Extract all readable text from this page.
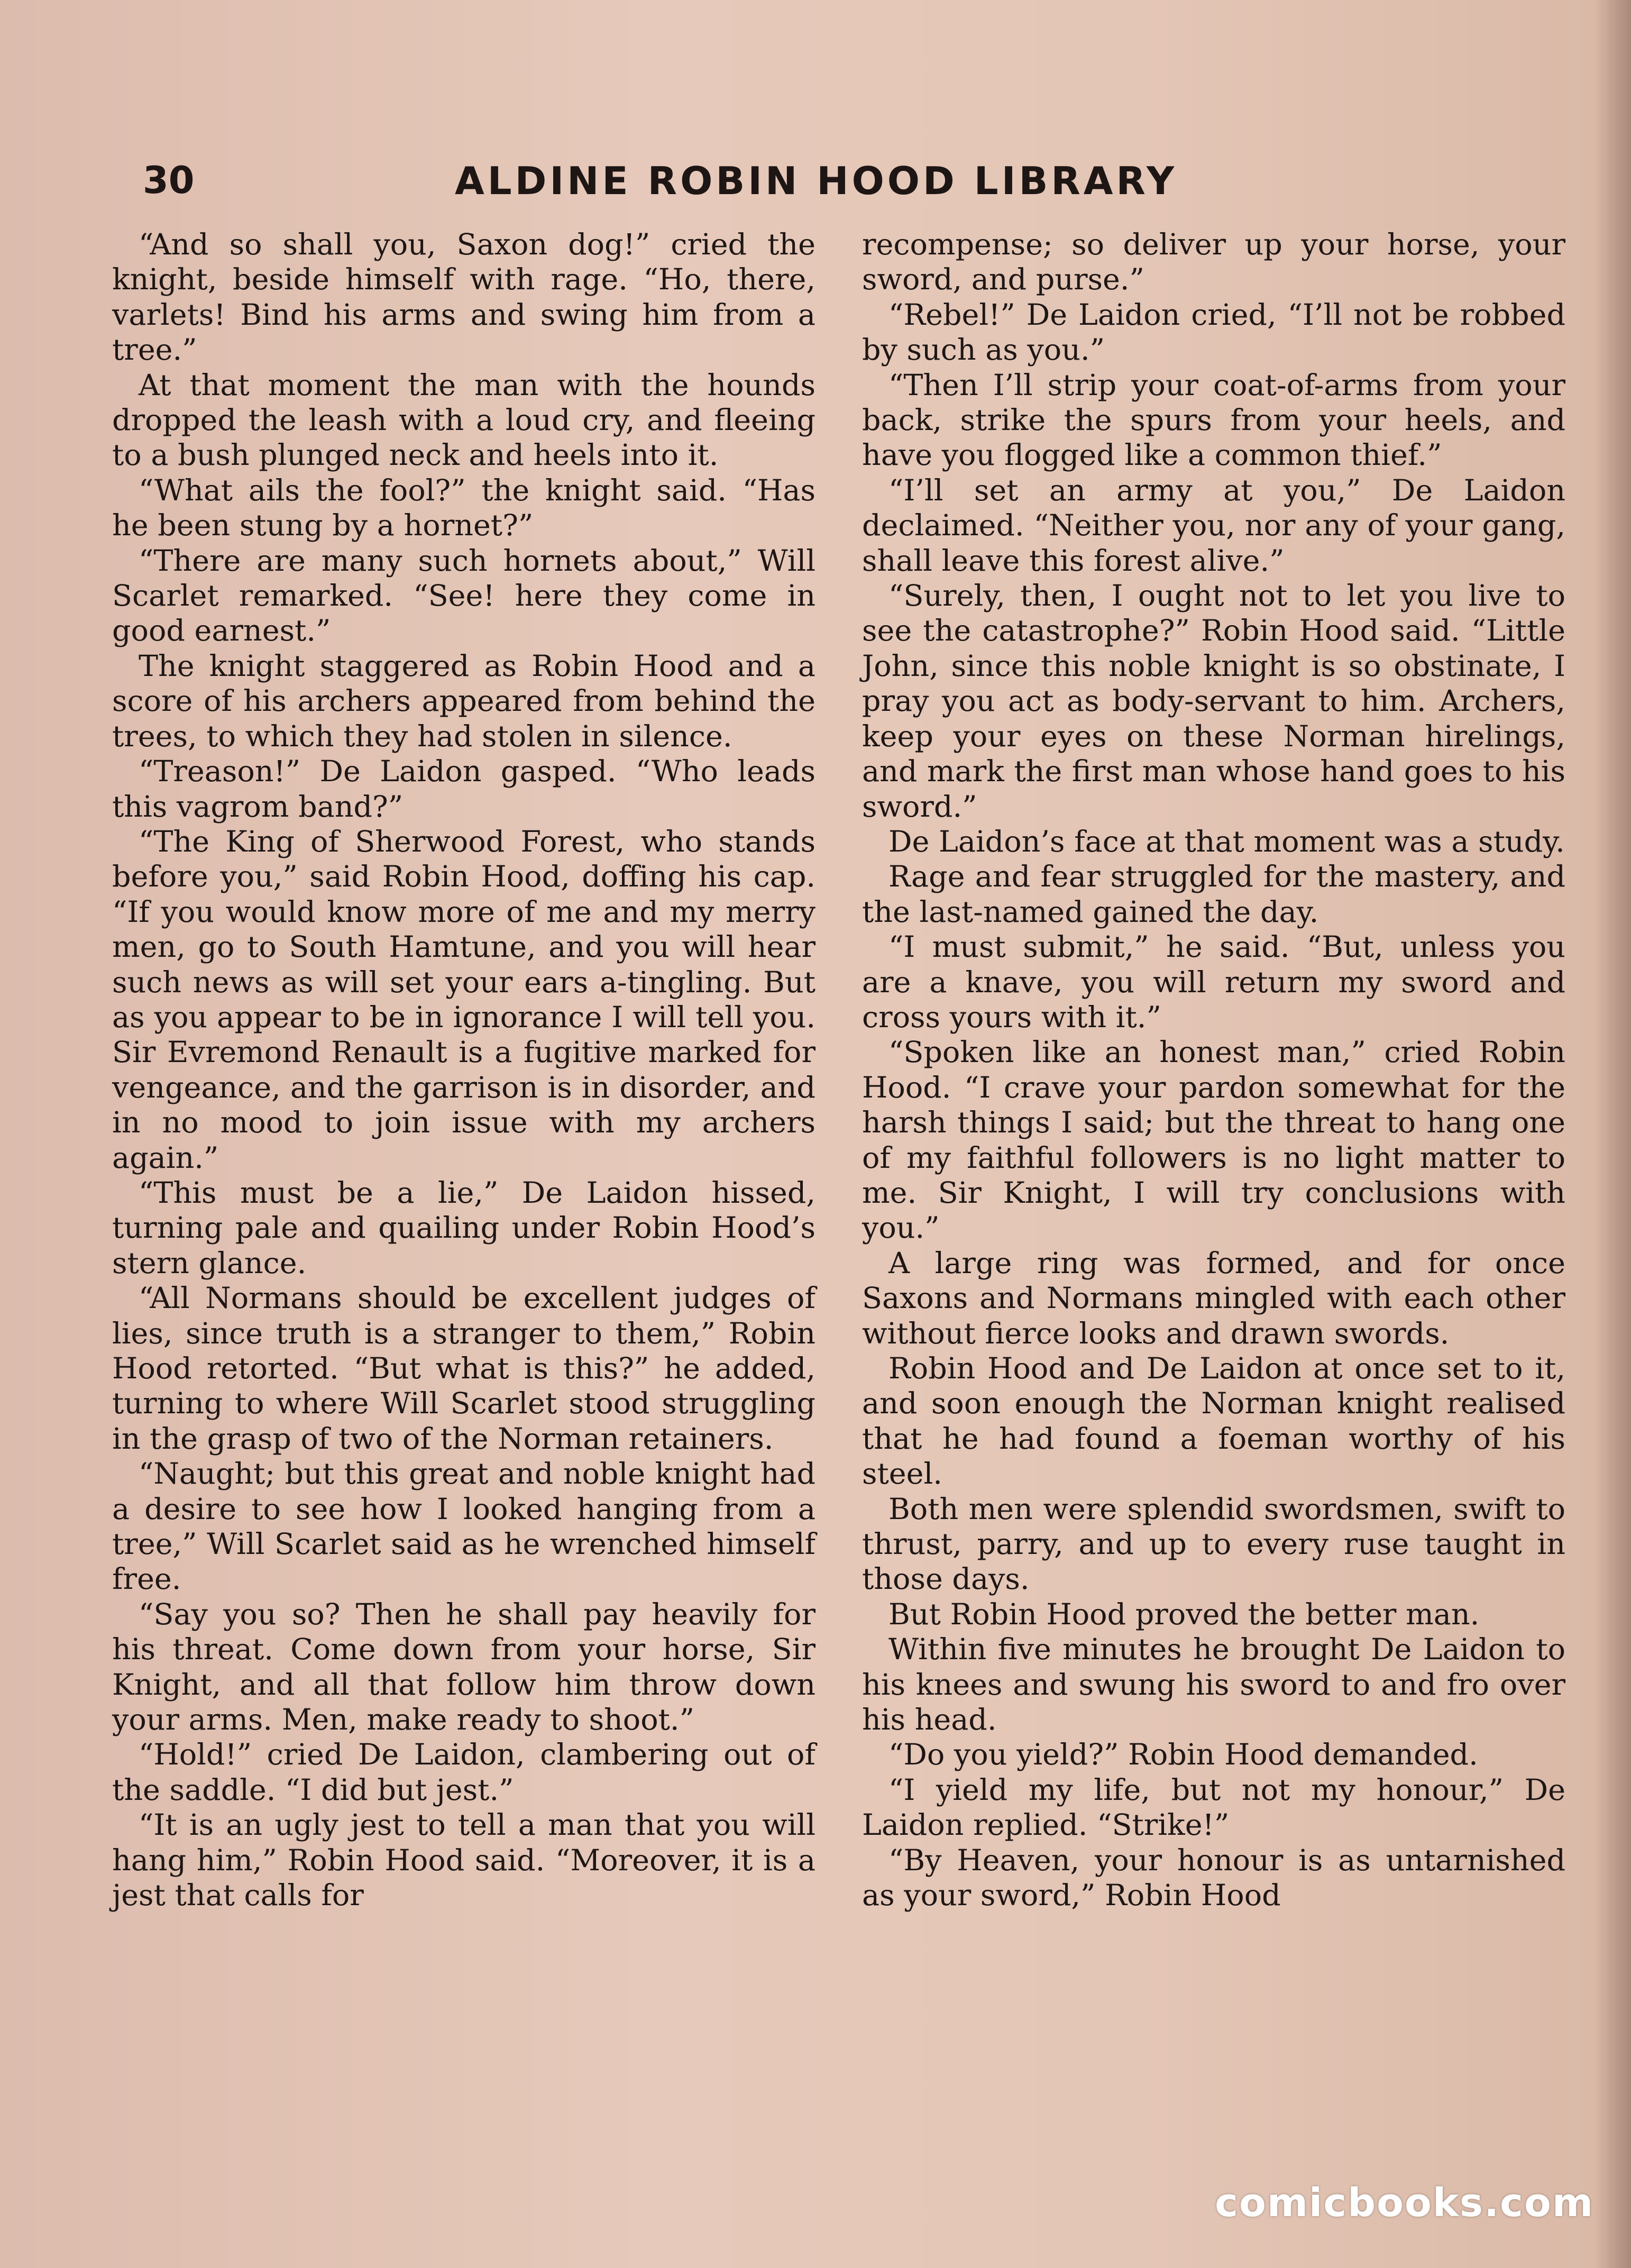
30	ALDINE ROBIN HOOD LIBRARY

“And so shall you, Saxon dog!” cried the knight, beside himself with rage. “Ho, there, varlets! Bind his arms and swing him from a tree.”

At that moment the man with the hounds dropped the leash with a loud cry, and fleeing to a bush plunged neck and heels into it.

“What ails the fool?” the knight said. “Has he been stung by a hornet?”

“There are many such hornets about,” Will Scarlet remarked. “See! here they come in good earnest.”

The knight staggered as Robin Hood and a score of his archers appeared from behind the trees, to which they had stolen in silence.

“Treason!” De Laidon gasped. “Who leads this vagrom band?”

“The King of Sherwood Forest, who stands before you,” said Robin Hood, doffing his cap. “If you would know more of me and my merry men, go to South Hamtune, and you will hear such news as will set your ears a-tingling. But as you appear to be in ignorance I will tell you. Sir Evremond Renault is a fugitive marked for vengeance, and the garrison is in disorder, and in no mood to join issue with my archers again.”

“This must be a lie,” De Laidon hissed, turning pale and quailing under Robin Hood’s stern glance.

“All Normans should be excellent judges of lies, since truth is a stranger to them,” Robin Hood retorted. “But what is this?” he added, turning to where Will Scarlet stood struggling in the grasp of two of the Norman retainers.

“Naught; but this great and noble knight had a desire to see how I looked hanging from a tree,” Will Scarlet said as he wrenched himself free.

“Say you so? Then he shall pay heavily for his threat. Come down from your horse, Sir Knight, and all that follow him throw down your arms. Men, make ready to shoot.”

“Hold!” cried De Laidon, clambering out of the saddle. “I did but jest.”

“It is an ugly jest to tell a man that you will hang him,” Robin Hood said. “Moreover, it is a jest that calls for

recompense; so deliver up your horse, your sword, and purse.”

“Rebel!” De Laidon cried, “I’ll not be robbed by such as you.”

“Then I’ll strip your coat-of-arms from your back, strike the spurs from your heels, and have you flogged like a common thief.”

“I’ll set an army at you,” De Laidon declaimed. “Neither you, nor any of your gang, shall leave this forest alive.”

“Surely, then, I ought not to let you live to see the catastrophe?” Robin Hood said. “Little John, since this noble knight is so obstinate, I pray you act as body-servant to him. Archers, keep your eyes on these Norman hirelings, and mark the first man whose hand goes to his sword.”

De Laidon’s face at that moment was a study.

Rage and fear struggled for the mastery, and the last-named gained the day.

“I must submit,” he said. “But, unless you are a knave, you will return my sword and cross yours with it.”

“Spoken like an honest man,” cried Robin Hood. “I crave your pardon somewhat for the harsh things I said; but the threat to hang one of my faithful followers is no light matter to me. Sir Knight, I will try conclusions with you.”

A large ring was formed, and for once Saxons and Normans mingled with each other without fierce looks and drawn swords.

Robin Hood and De Laidon at once set to it, and soon enough the Norman knight realised that he had found a foeman worthy of his steel.

Both men were splendid swordsmen, swift to thrust, parry, and up to every ruse taught in those days.

But Robin Hood proved the better man.

Within five minutes he brought De Laidon to his knees and swung his sword to and fro over his head.

“Do you yield?” Robin Hood demanded.

“I yield my life, but not my honour,” De Laidon replied. “Strike!”

“By Heaven, your honour is as untarnished as your sword,” Robin Hood

comicbooks.com
